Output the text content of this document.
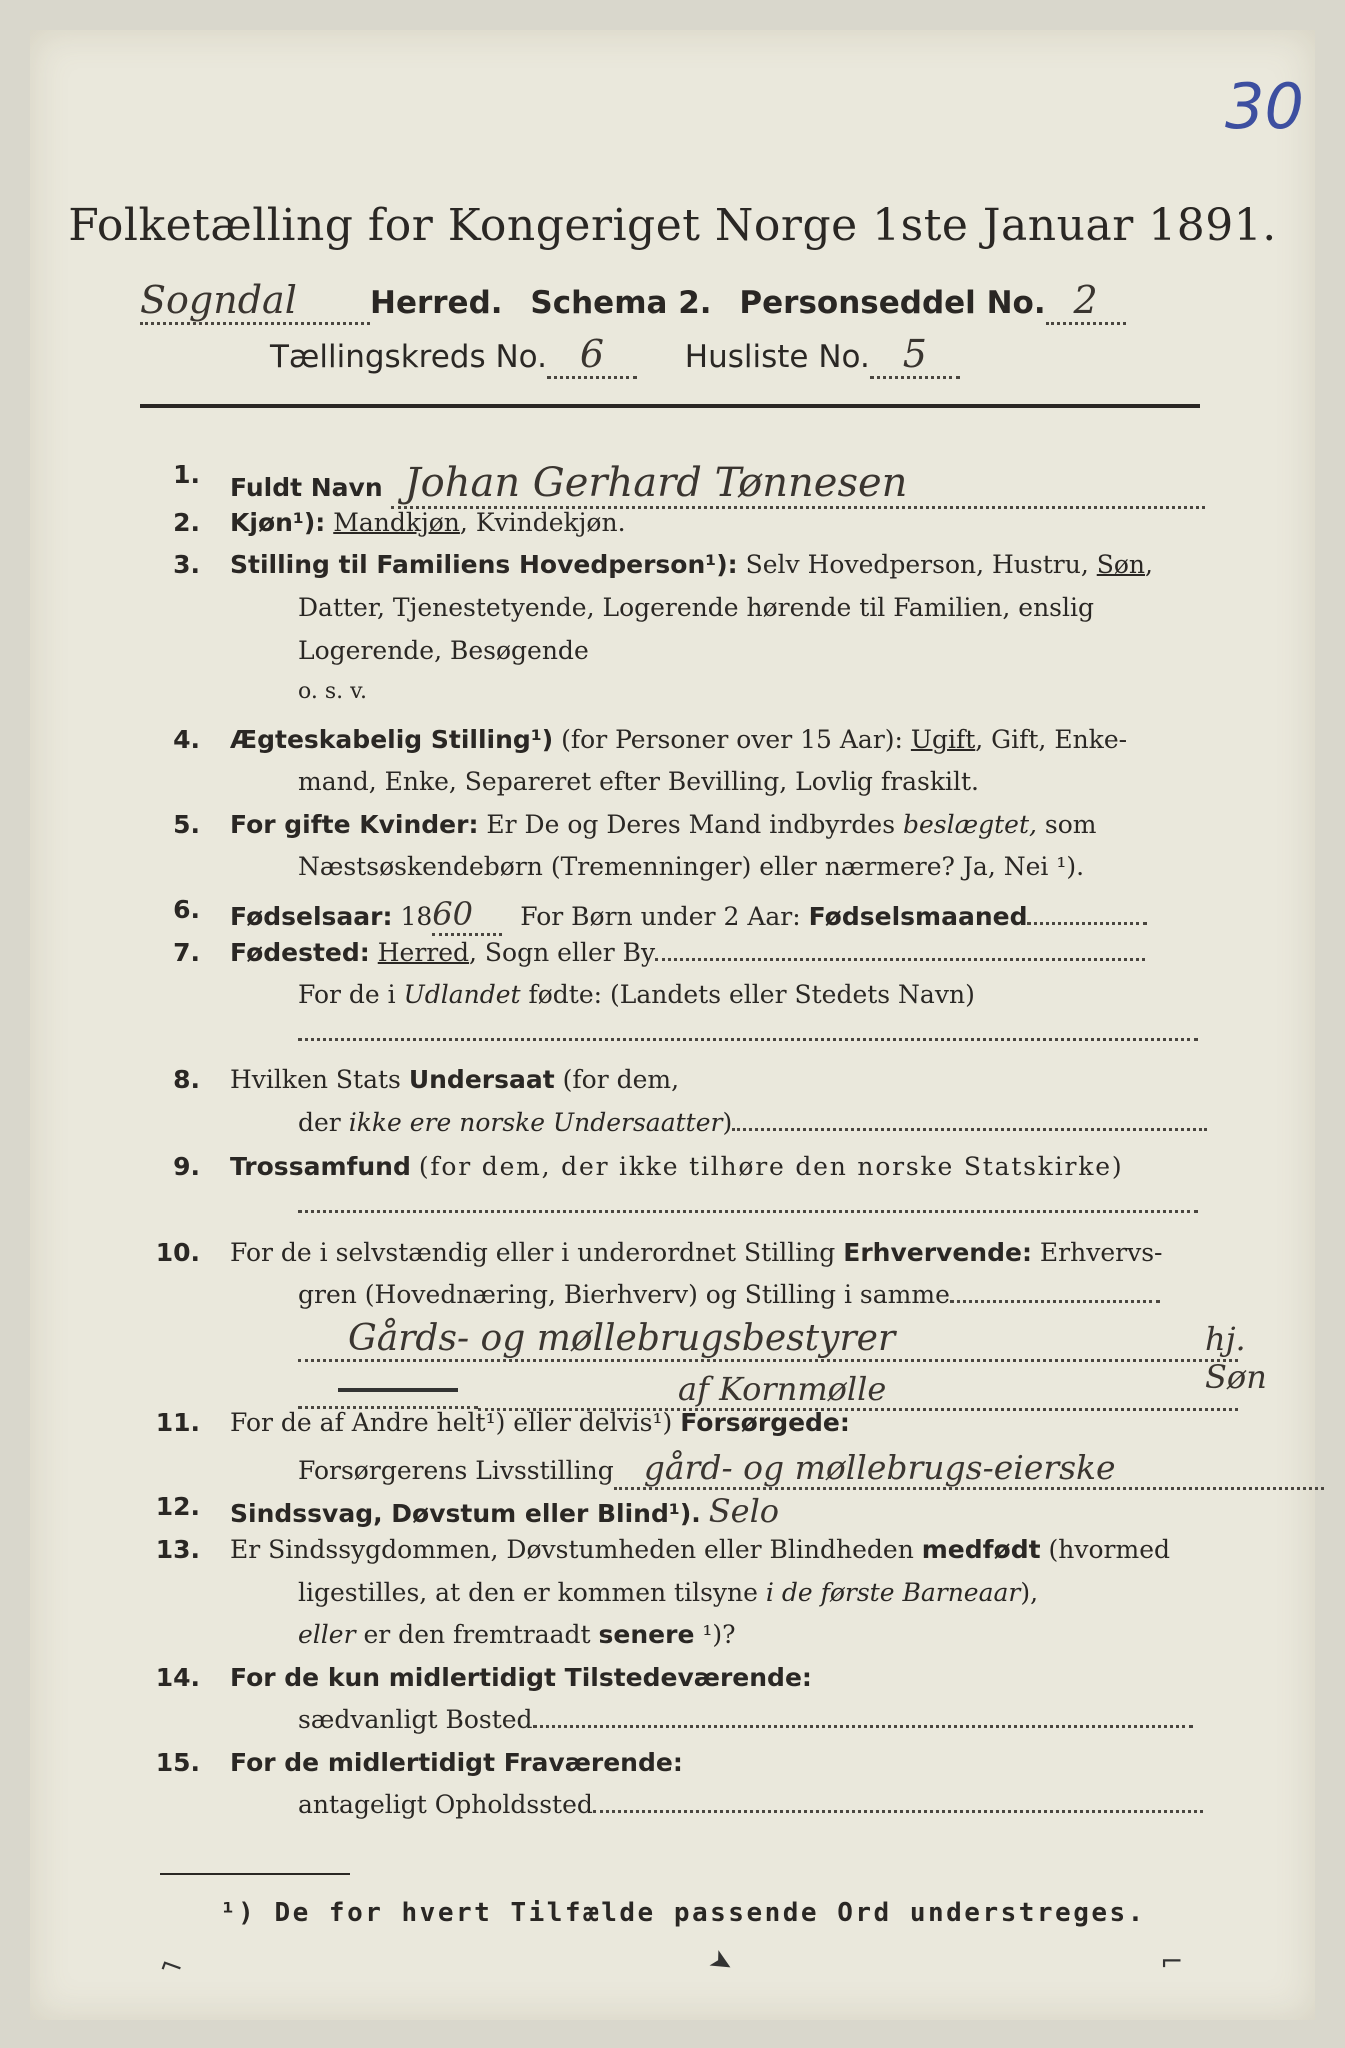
30
Folketælling for Kongeriget Norge 1ste Januar 1891.
Sogndal Herred. Schema 2. Personseddel No. 2
Tællingskreds No. 6	Husliste No. 5
1. Fuldt Navn Johan Gerhard Tønnesen
2. Kjøn¹): Mandkjøn, Kvindekjøn.
3. Stilling til Familiens Hovedperson¹): Selv Hovedperson, Hustru, Søn,
Datter, Tjenestetyende, Logerende hørende til Familien, enslig
Logerende, Besøgende
o. s. v.
4. Ægteskabelig Stilling¹) (for Personer over 15 Aar): Ugift, Gift, Enke-
mand, Enke, Separeret efter Bevilling, Lovlig fraskilt.
5. For gifte Kvinder: Er De og Deres Mand indbyrdes beslægtet, som
Næstsøskendebørn (Tremenninger) eller nærmere? Ja, Nei ¹).
6. Fødselsaar: 1860 For Børn under 2 Aar: Fødselsmaaned
7. Fødested: Herred, Sogn eller By
For de i Udlandet fødte: (Landets eller Stedets Navn)
8. Hvilken Stats Undersaat (for dem,
der ikke ere norske Undersaatter)
9. Trossamfund (for dem, der ikke tilhøre den norske Statskirke)
10. For de i selvstændig eller i underordnet Stilling Erhvervende: Erhvervs-
gren (Hovednæring, Bierhverv) og Stilling i samme
Gårds- og møllebrugsbestyrer	hj. Søn
af Kornmølle
11. For de af Andre helt¹) eller delvis¹) Forsørgede:
Forsørgerens Livsstilling gård- og møllebrugs-eierske
12. Sindssvag, Døvstum eller Blind¹). Selo
13. Er Sindssygdommen, Døvstumheden eller Blindheden medfødt (hvormed
ligestilles, at den er kommen tilsyne i de første Barneaar),
eller er den fremtraadt senere ¹)?
14. For de kun midlertidigt Tilstedeværende:
sædvanligt Bosted
15. For de midlertidigt Fraværende:
antageligt Opholdssted
¹) De for hvert Tilfælde passende Ord understreges.
⌐	➤	⌐
